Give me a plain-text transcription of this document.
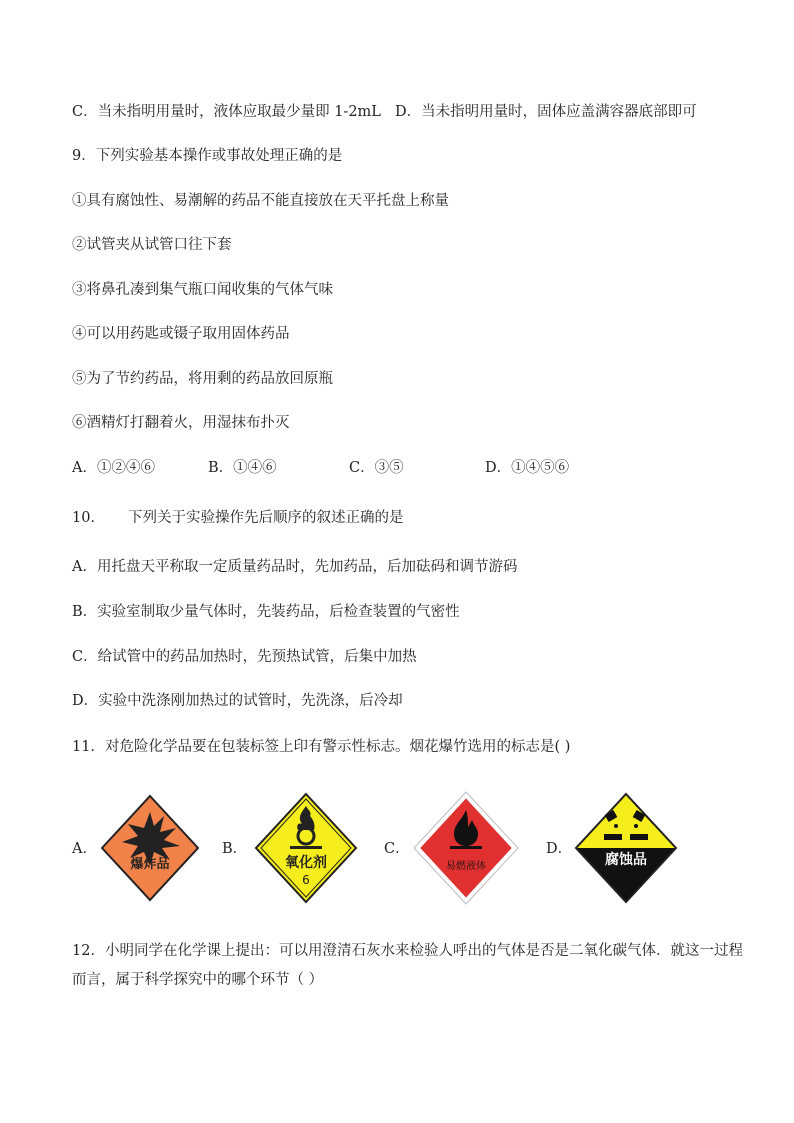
C．当未指明用量时，液体应取最少量即 1-2mL D．当未指明用量时，固体应盖满容器底部即可
9．下列实验基本操作或事故处理正确的是
①具有腐蚀性、易潮解的药品不能直接放在天平托盘上称量
②试管夹从试管口往下套
③将鼻孔凑到集气瓶口闻收集的气体气味
④可以用药匙或镊子取用固体药品
⑤为了节约药品，将用剩的药品放回原瓶
⑥酒精灯打翻着火，用湿抹布扑灭
A．①②④⑥	B．①④⑥	C．③⑤	D．①④⑤⑥
10． 下列关于实验操作先后顺序的叙述正确的是
A．用托盘天平称取一定质量药品时，先加药品，后加砝码和调节游码
B．实验室制取少量气体时，先装药品，后检查装置的气密性
C．给试管中的药品加热时，先预热试管，后集中加热
D．实验中洗涤刚加热过的试管时，先洗涤，后冷却
11．对危险化学品要在包装标签上印有警示性标志。烟花爆竹选用的标志是( )
A．
爆炸品
B．
氧化剂
6
C．
易燃液体
D．
腐蚀品
12．小明同学在化学课上提出：可以用澄清石灰水来检验人呼出的气体是否是二氧化碳气体．就这一过程
而言，属于科学探究中的哪个环节（ ）
